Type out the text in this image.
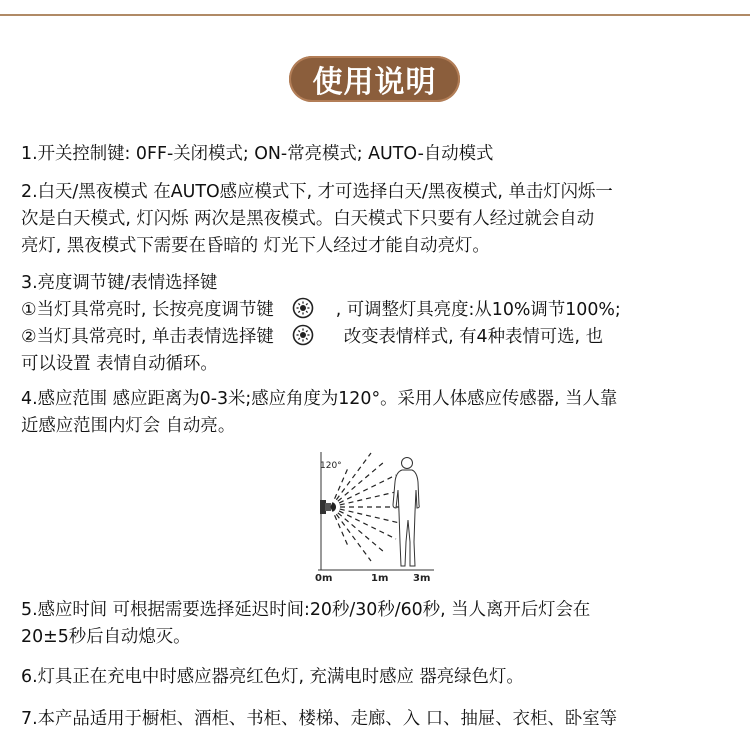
使用说明
1.开关控制键: 0FF-关闭模式; ON-常亮模式; AUTO-自动模式
2.白天/黑夜模式 在AUTO感应模式下, 才可选择白天/黑夜模式, 单击灯闪烁一
次是白天模式, 灯闪烁 两次是黑夜模式。白天模式下只要有人经过就会自动
亮灯, 黑夜模式下需要在昏暗的 灯光下人经过才能自动亮灯。
3.亮度调节键/表情选择键
①当灯具常亮时, 长按亮度调节键	, 可调整灯具亮度:从10%调节100%;
②当灯具常亮时, 单击表情选择键	改变表情样式, 有4种表情可选, 也
可以设置 表情自动循环。
4.感应范围 感应距离为0-3米;感应角度为120°。采用人体感应传感器, 当人靠
近感应范围内灯会 自动亮。
120°
0m	1m 3m
5.感应时间 可根据需要选择延迟时间:20秒/30秒/60秒, 当人离开后灯会在
20±5秒后自动熄灭。
6.灯具正在充电中时感应器亮红色灯, 充满电时感应 器亮绿色灯。
7.本产品适用于橱柜、酒柜、书柜、楼梯、走廊、入 口、抽屉、衣柜、卧室等
